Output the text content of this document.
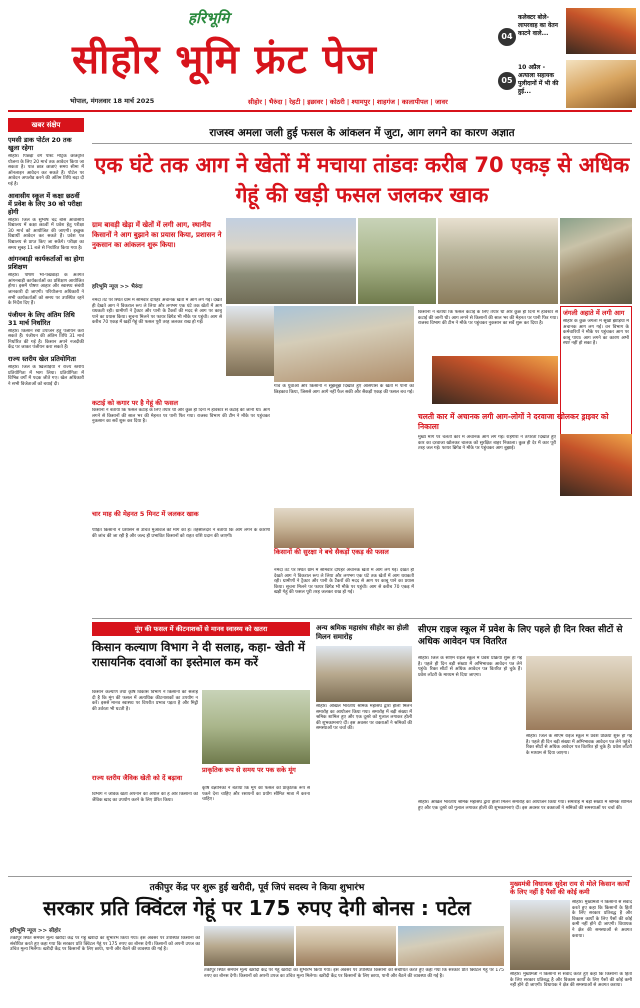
हरिभूमि
सीहोर भूमि फ्रंट पेज
भोपाल, मंगलवार 18 मार्च 2025	सीहोर | भैरुंदा | रेहटी | इछावर | कोठरी | श्यामपुर | शाहगंज | कालापीपल | जावर
04
कलेक्टर बोले-लापरवाह का वेतन काटने वाले...
05
10 अप्रैल - अत्याला सहायक पुलीदानों में भी की हुई...
खबर संक्षेप
एमसी डाक पोर्टल 20 तक खुला रहेगा
सीहोर। पिछड़ा वर्ग पोस्ट मैट्रिक छात्रवृत्ति योजना के लिए 20 मार्च तक आवेदन किया जा सकता है। पात्र छात्र छात्राएं समय सीमा में ऑनलाइन आवेदन कर सकते हैं। पोर्टल पर आवेदन अपलोड करने की अंतिम तिथि बढ़ा दी गई है।
आवासीय स्कूल में कक्षा छठवीं में प्रवेश के लिए 30 को परीक्षा होगी
सीहोर। जिले के सुभाष चंद्र बोस आवासीय विद्यालय में कक्षा छठवीं में प्रवेश हेतु परीक्षा 30 मार्च को आयोजित की जाएगी। इच्छुक विद्यार्थी आवेदन कर सकते हैं। प्रवेश पत्र विद्यालय से प्राप्त किए जा सकेंगे। परीक्षा का समय सुबह 11 बजे से निर्धारित किया गया है।
आंगनबाड़ी कार्यकर्ताओं का होगा प्रशिक्षण
सीहोर। पोषण भी-पखवाड़ा के अंतर्गत आंगनबाड़ी कार्यकर्ताओं का प्रशिक्षण आयोजित होगा। इसमें पोषण आहार और स्वास्थ्य संबंधी जानकारी दी जाएगी। परियोजना अधिकारी ने सभी कार्यकर्ताओं को समय पर उपस्थित रहने के निर्देश दिए हैं।
पंजीयन के लिए अंतिम तिथि 31 मार्च निर्धारित
सीहोर। किसान रबी उपार्जन हेतु पंजीयन करा सकते हैं। पंजीयन की अंतिम तिथि 31 मार्च निर्धारित की गई है। किसान अपने नजदीकी केंद्र पर जाकर पंजीयन करा सकते हैं।
राज्य स्तरीय खेल प्रतियोगिता
सीहोर। जिले के खिलाड़ियों ने राज्य स्तरीय प्रतियोगिता में भाग लिया। प्रतियोगिता में विभिन्न वर्गों में पदक जीते गए। खेल अधिकारी ने सभी विजेताओं को बधाई दी।
राजस्व अमला जली हुई फसल के आंकलन में जुटा, आग लगने का कारण अज्ञात
एक घंटे तक आग ने खेतों में मचाया तांडवः करीब 70 एकड़ से अधिक गेहूं की खड़ी फसल जलकर खाक
ग्राम बावड़ी खेड़ा में खेतों में लगी आग, स्थानीय किसानों ने आग बुझाने का प्रयास किया, प्रशासन ने नुकसान का आंकलन शुरू किया।
हरिभूमि न्यूज >> भैरुंदा
नर्मदा तट पर स्थित ग्राम में सोमवार दोपहर अचानक खेतों में आग लग गई। देखते ही देखते आग ने विकराल रूप ले लिया और लगभग एक घंटे तक खेतों में आग धधकती रही। ग्रामीणों ने ट्रैक्टर और पानी के टैंकरों की मदद से आग पर काबू पाने का प्रयास किया। सूचना मिलने पर फायर ब्रिगेड भी मौके पर पहुंची। आग से करीब 70 एकड़ में खड़ी गेहूं की फसल पूरी तरह जलकर राख हो गई।
कटाई को कगार पर है गेहूं की फसल
किसानों ने बताया कि फसल कटाई के लिए तैयार थी और कुछ ही दिनों में हार्वेस्टर से कटाई की जानी थी। आग लगने से किसानों की साल भर की मेहनत पर पानी फिर गया। राजस्व विभाग की टीम ने मौके पर पहुंचकर नुकसान का सर्वे शुरू कर दिया है।
चार माह की मेहनत 5 मिनट में जलकर खाक
पीड़ित किसानों ने प्रशासन से उचित मुआवजे की मांग की है। तहसीलदार ने बताया कि आग लगने के कारणों की जांच की जा रही है और जल्द ही प्रभावित किसानों को राहत राशि प्रदान की जाएगी।
गांव के युवाओं और किसानों ने सूझबूझ दिखाते हुए आसपास के खेतों में पानी का छिड़काव किया, जिससे आग आगे नहीं फैल सकी और सैकड़ों एकड़ की फसल बच गई।
किसानों की सुरक्षा ने बचे सैकड़ों एकड़ की फसल
नर्मदा तट पर स्थित ग्राम में सोमवार दोपहर अचानक खेतों में आग लग गई। देखते ही देखते आग ने विकराल रूप ले लिया और लगभग एक घंटे तक खेतों में आग धधकती रही। ग्रामीणों ने ट्रैक्टर और पानी के टैंकरों की मदद से आग पर काबू पाने का प्रयास किया। सूचना मिलने पर फायर ब्रिगेड भी मौके पर पहुंची। आग से करीब 70 एकड़ में खड़ी गेहूं की फसल पूरी तरह जलकर राख हो गई।
किसानों ने बताया कि फसल कटाई के लिए तैयार थी और कुछ ही दिनों में हार्वेस्टर से कटाई की जानी थी। आग लगने से किसानों की साल भर की मेहनत पर पानी फिर गया। राजस्व विभाग की टीम ने मौके पर पहुंचकर नुकसान का सर्वे शुरू कर दिया है।
जंगली अहाते में लगी आग
सीहोर के कुछ जंगलों में सूखी झाड़ियों में अचानक आग लग गई। वन विभाग के कर्मचारियों ने मौके पर पहुंचकर आग पर काबू पाया। आग लगने का कारण अभी स्पष्ट नहीं हो सका है।
चलती कार में अचानक लगी आग-लोगों ने दरवाजा खोलकर ड्राइवर को निकाला
मुख्य मार्ग पर चलती कार में अचानक आग लग गई। राहगीरों ने तत्परता दिखाते हुए कार का दरवाजा खोलकर चालक को सुरक्षित बाहर निकाला। कुछ ही देर में कार पूरी तरह जल गई। फायर ब्रिगेड ने मौके पर पहुंचकर आग बुझाई।
मूंग की फसल में कीटनाशकों से मानव स्वास्थ्य को खतरा
किसान कल्याण विभाग ने दी सलाह, कहा- खेती में रासायनिक दवाओं का इस्तेमाल कम करें
किसान कल्याण तथा कृषि विकास विभाग ने किसानों को सलाह दी है कि मूंग की फसल में अत्यधिक कीटनाशकों का उपयोग न करें। इससे मानव स्वास्थ्य पर विपरीत प्रभाव पड़ता है और मिट्टी की उर्वरता भी घटती है।
राज्य स्तरीय जैविक खेती को दें बढ़ावा
विभाग ने जैविक खेती अपनाने की अपील की है और किसानों को जैविक खाद का उपयोग करने के लिए प्रेरित किया।
प्राकृतिक रूप से समय पर पक सके मूंग
कृषि वैज्ञानिकों ने बताया कि मूंग की फसल को प्राकृतिक रूप से पकने देना चाहिए और रसायनों का प्रयोग सीमित मात्रा में करना चाहिए।
अन्य श्रमिक महासंघ सीहोर का होली मिलन समारोह
सीहोर। अखिल भारतीय श्रमिक महासंघ द्वारा होली मिलन समारोह का आयोजन किया गया। समारोह में बड़ी संख्या में श्रमिक शामिल हुए और एक दूसरे को गुलाल लगाकर होली की शुभकामनाएं दीं। इस अवसर पर वक्ताओं ने श्रमिकों की समस्याओं पर चर्चा की।
सीएम राइज स्कूल में प्रवेश के लिए पहले ही दिन रिक्त सीटों से अधिक आवेदन पत्र वितरित
सीहोर। जिले के सीएम राइज स्कूल में प्रवेश प्रक्रिया शुरू हो गई है। पहले ही दिन बड़ी संख्या में अभिभावक आवेदन पत्र लेने पहुंचे। रिक्त सीटों से अधिक आवेदन पत्र वितरित हो चुके हैं। प्रवेश लॉटरी के माध्यम से दिया जाएगा।
सीहोर। जिले के सीएम राइज स्कूल में प्रवेश प्रक्रिया शुरू हो गई है। पहले ही दिन बड़ी संख्या में अभिभावक आवेदन पत्र लेने पहुंचे। रिक्त सीटों से अधिक आवेदन पत्र वितरित हो चुके हैं। प्रवेश लॉटरी के माध्यम से दिया जाएगा।
सीहोर। अखिल भारतीय श्रमिक महासंघ द्वारा होली मिलन समारोह का आयोजन किया गया। समारोह में बड़ी संख्या में श्रमिक शामिल हुए और एक दूसरे को गुलाल लगाकर होली की शुभकामनाएं दीं। इस अवसर पर वक्ताओं ने श्रमिकों की समस्याओं पर चर्चा की।
तकीपुर केंद्र पर शुरू हुई खरीदी, पूर्व जिपं सदस्य ने किया शुभारंभ
सरकार प्रति क्विंटल गेहूं पर 175 रुपए देगी बोनस : पटेल
हरिभूमि न्यूज >> सीहोर
तकीपुर स्थित समर्थन मूल्य खरीदी केंद्र पर गेहूं खरीदी का शुभारंभ किया गया। इस अवसर पर उपस्थित किसानों को संबोधित करते हुए कहा गया कि सरकार प्रति क्विंटल गेहूं पर 175 रुपए का बोनस देगी। किसानों को अपनी उपज का उचित मूल्य मिलेगा। खरीदी केंद्र पर किसानों के लिए छाया, पानी और बैठने की व्यवस्था की गई है।
तकीपुर स्थित समर्थन मूल्य खरीदी केंद्र पर गेहूं खरीदी का शुभारंभ किया गया। इस अवसर पर उपस्थित किसानों को संबोधित करते हुए कहा गया कि सरकार प्रति क्विंटल गेहूं पर 175 रुपए का बोनस देगी। किसानों को अपनी उपज का उचित मूल्य मिलेगा। खरीदी केंद्र पर किसानों के लिए छाया, पानी और बैठने की व्यवस्था की गई है।
मुख्यमंत्री विधायक सुदेश राय से मोले किसान कार्यों के लिए नहीं है पैसों की कोई कमी
सीहोर। मुख्यमंत्री ने किसानों से संवाद करते हुए कहा कि किसानों के हितों के लिए सरकार प्रतिबद्ध है और विकास कार्यों के लिए पैसों की कोई कमी नहीं होने दी जाएगी। विधायक ने क्षेत्र की समस्याओं से अवगत कराया।
सीहोर। मुख्यमंत्री ने किसानों से संवाद करते हुए कहा कि किसानों के हितों के लिए सरकार प्रतिबद्ध है और विकास कार्यों के लिए पैसों की कोई कमी नहीं होने दी जाएगी। विधायक ने क्षेत्र की समस्याओं से अवगत कराया।
